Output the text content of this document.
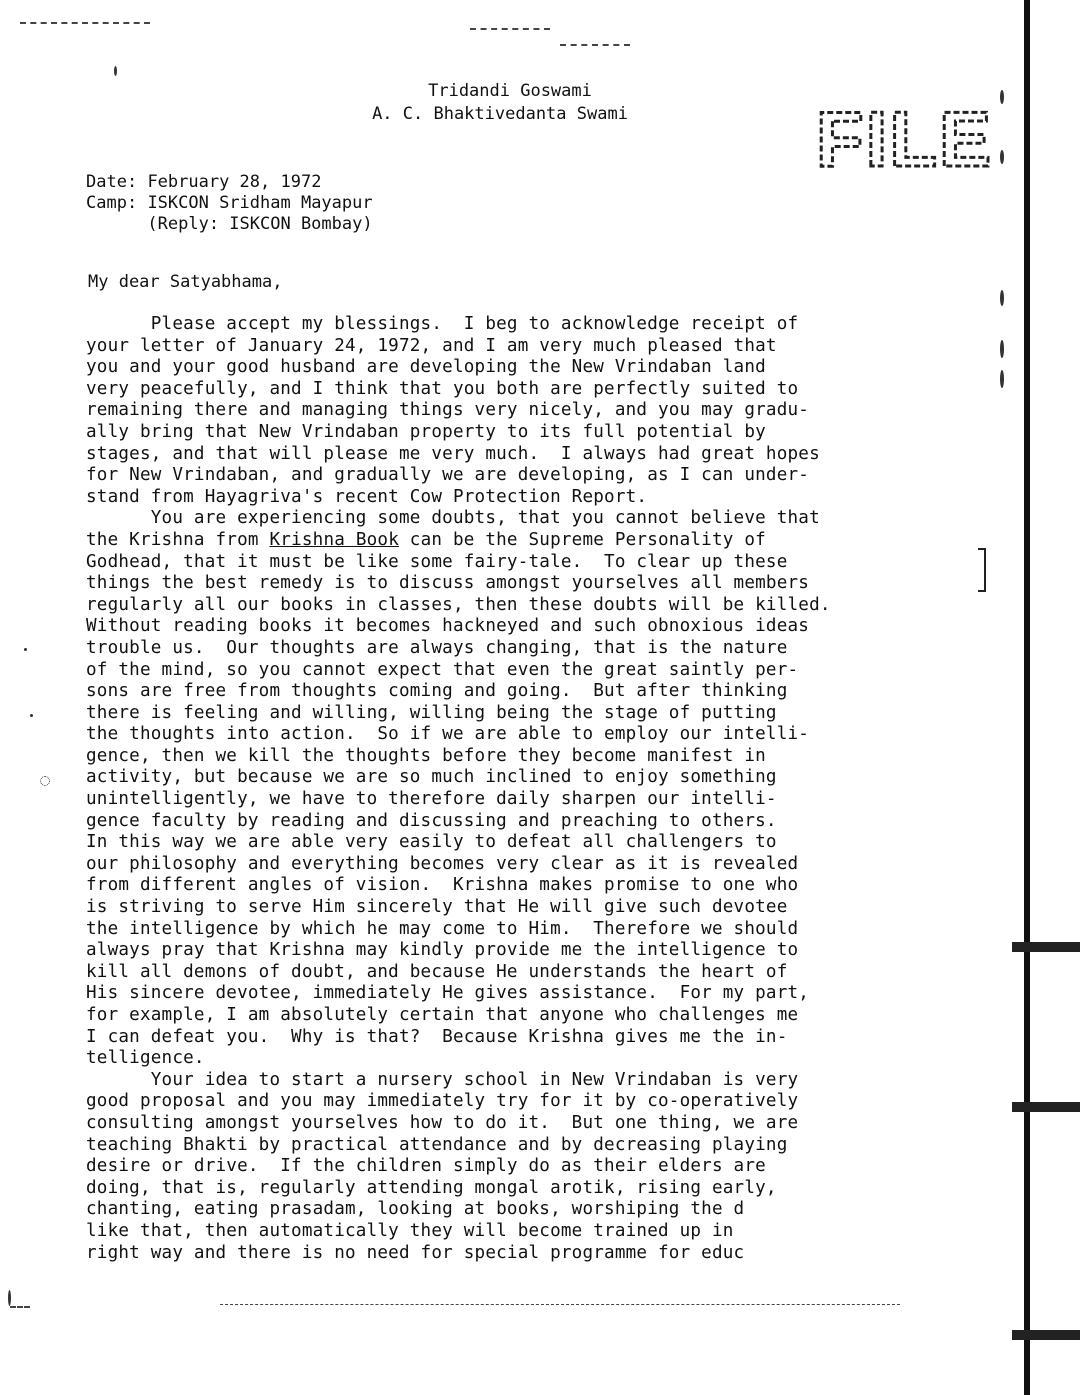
Tridandi Goswami
A. C. Bhaktivedanta Swami	FILE
Date: February 28, 1972
Camp: ISKCON Sridham Mayapur
(Reply: ISKCON Bombay)
My dear Satyabhama,
Please accept my blessings.  I beg to acknowledge receipt of
your letter of January 24, 1972, and I am very much pleased that
you and your good husband are developing the New Vrindaban land
very peacefully, and I think that you both are perfectly suited to
remaining there and managing things very nicely, and you may gradu-
ally bring that New Vrindaban property to its full potential by
stages, and that will please me very much.  I always had great hopes
for New Vrindaban, and gradually we are developing, as I can under-
stand from Hayagriva's recent Cow Protection Report.
You are experiencing some doubts, that you cannot believe that
the Krishna from Krishna Book can be the Supreme Personality of
Godhead, that it must be like some fairy-tale.  To clear up these
things the best remedy is to discuss amongst yourselves all members
regularly all our books in classes, then these doubts will be killed.
Without reading books it becomes hackneyed and such obnoxious ideas
trouble us.  Our thoughts are always changing, that is the nature
of the mind, so you cannot expect that even the great saintly per-
sons are free from thoughts coming and going.  But after thinking
there is feeling and willing, willing being the stage of putting
the thoughts into action.  So if we are able to employ our intelli-
gence, then we kill the thoughts before they become manifest in
activity, but because we are so much inclined to enjoy something
unintelligently, we have to therefore daily sharpen our intelli-
gence faculty by reading and discussing and preaching to others.
In this way we are able very easily to defeat all challengers to
our philosophy and everything becomes very clear as it is revealed
from different angles of vision.  Krishna makes promise to one who
is striving to serve Him sincerely that He will give such devotee
the intelligence by which he may come to Him.  Therefore we should
always pray that Krishna may kindly provide me the intelligence to
kill all demons of doubt, and because He understands the heart of
His sincere devotee, immediately He gives assistance.  For my part,
for example, I am absolutely certain that anyone who challenges me
I can defeat you.  Why is that?  Because Krishna gives me the in-
telligence.
Your idea to start a nursery school in New Vrindaban is very
good proposal and you may immediately try for it by co-operatively
consulting amongst yourselves how to do it.  But one thing, we are
teaching Bhakti by practical attendance and by decreasing playing
desire or drive.  If the children simply do as their elders are
doing, that is, regularly attending mongal arotik, rising early,
chanting, eating prasadam, looking at books, worshiping the d
like that, then automatically they will become trained up in
right way and there is no need for special programme for educ
